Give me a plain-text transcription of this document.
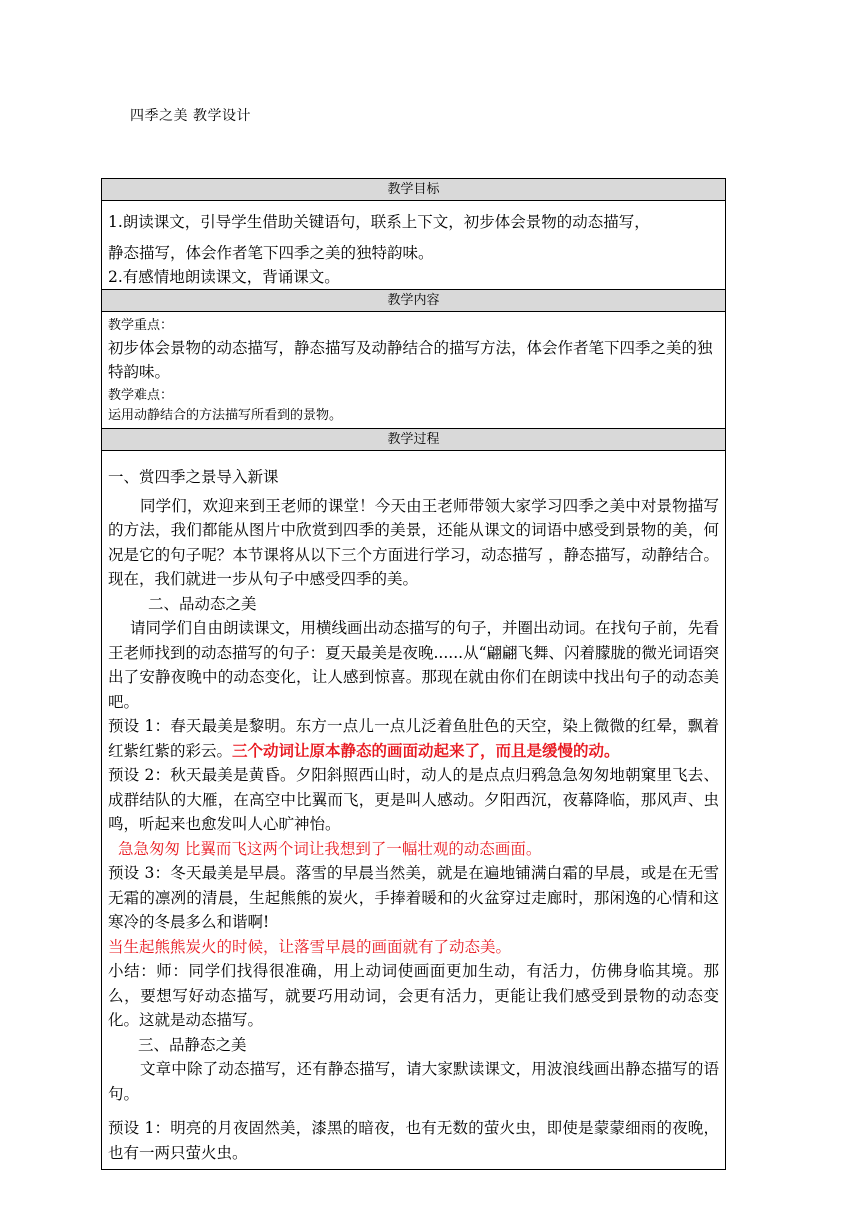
四季之美 教学设计
教学目标
1.朗读课文，引导学生借助关键语句，联系上下文，初步体会景物的动态描写，
静态描写，体会作者笔下四季之美的独特韵味。
2.有感情地朗读课文，背诵课文。
教学内容
教学重点：
初步体会景物的动态描写，静态描写及动静结合的描写方法，体会作者笔下四季之美的独特韵味。
教学难点：
运用动静结合的方法描写所看到的景物。
教学过程

一、赏四季之景导入新课

同学们，欢迎来到王老师的课堂！今天由王老师带领大家学习四季之美中对景物描写的方法，我们都能从图片中欣赏到四季的美景，还能从课文的词语中感受到景物的美，何况是它的句子呢？本节课将从以下三个方面进行学习，动态描写 ，静态描写，动静结合。现在，我们就进一步从句子中感受四季的美。

二、品动态之美

请同学们自由朗读课文，用横线画出动态描写的句子，并圈出动词。在找句子前，先看王老师找到的动态描写的句子：夏天最美是夜晚......从“翩翩飞舞、闪着朦胧的微光词语突出了安静夜晚中的动态变化，让人感到惊喜。那现在就由你们在朗读中找出句子的动态美吧。

预设 1：春天最美是黎明。东方一点儿一点儿泛着鱼肚色的天空，染上微微的红晕，飘着红紫红紫的彩云。三个动词让原本静态的画面动起来了，而且是缓慢的动。

预设 2：秋天最美是黄昏。夕阳斜照西山时，动人的是点点归鸦急急匆匆地朝窠里飞去、成群结队的大雁，在高空中比翼而飞，更是叫人感动。夕阳西沉，夜幕降临，那风声、虫鸣，听起来也愈发叫人心旷神怡。

急急匆匆 比翼而飞这两个词让我想到了一幅壮观的动态画面。

预设 3：冬天最美是早晨。落雪的早晨当然美，就是在遍地铺满白霜的早晨，或是在无雪无霜的凛冽的清晨，生起熊熊的炭火，手捧着暖和的火盆穿过走廊时，那闲逸的心情和这寒冷的冬晨多么和谐啊!

当生起熊熊炭火的时候，让落雪早晨的画面就有了动态美。

小结：师：同学们找得很准确，用上动词使画面更加生动，有活力，仿佛身临其境。那么，要想写好动态描写，就要巧用动词，会更有活力，更能让我们感受到景物的动态变化。这就是动态描写。

三、品静态之美

文章中除了动态描写，还有静态描写，请大家默读课文，用波浪线画出静态描写的语句。

预设 1：明亮的月夜固然美，漆黑的暗夜，也有无数的萤火虫，即使是蒙蒙细雨的夜晚，也有一两只萤火虫。
